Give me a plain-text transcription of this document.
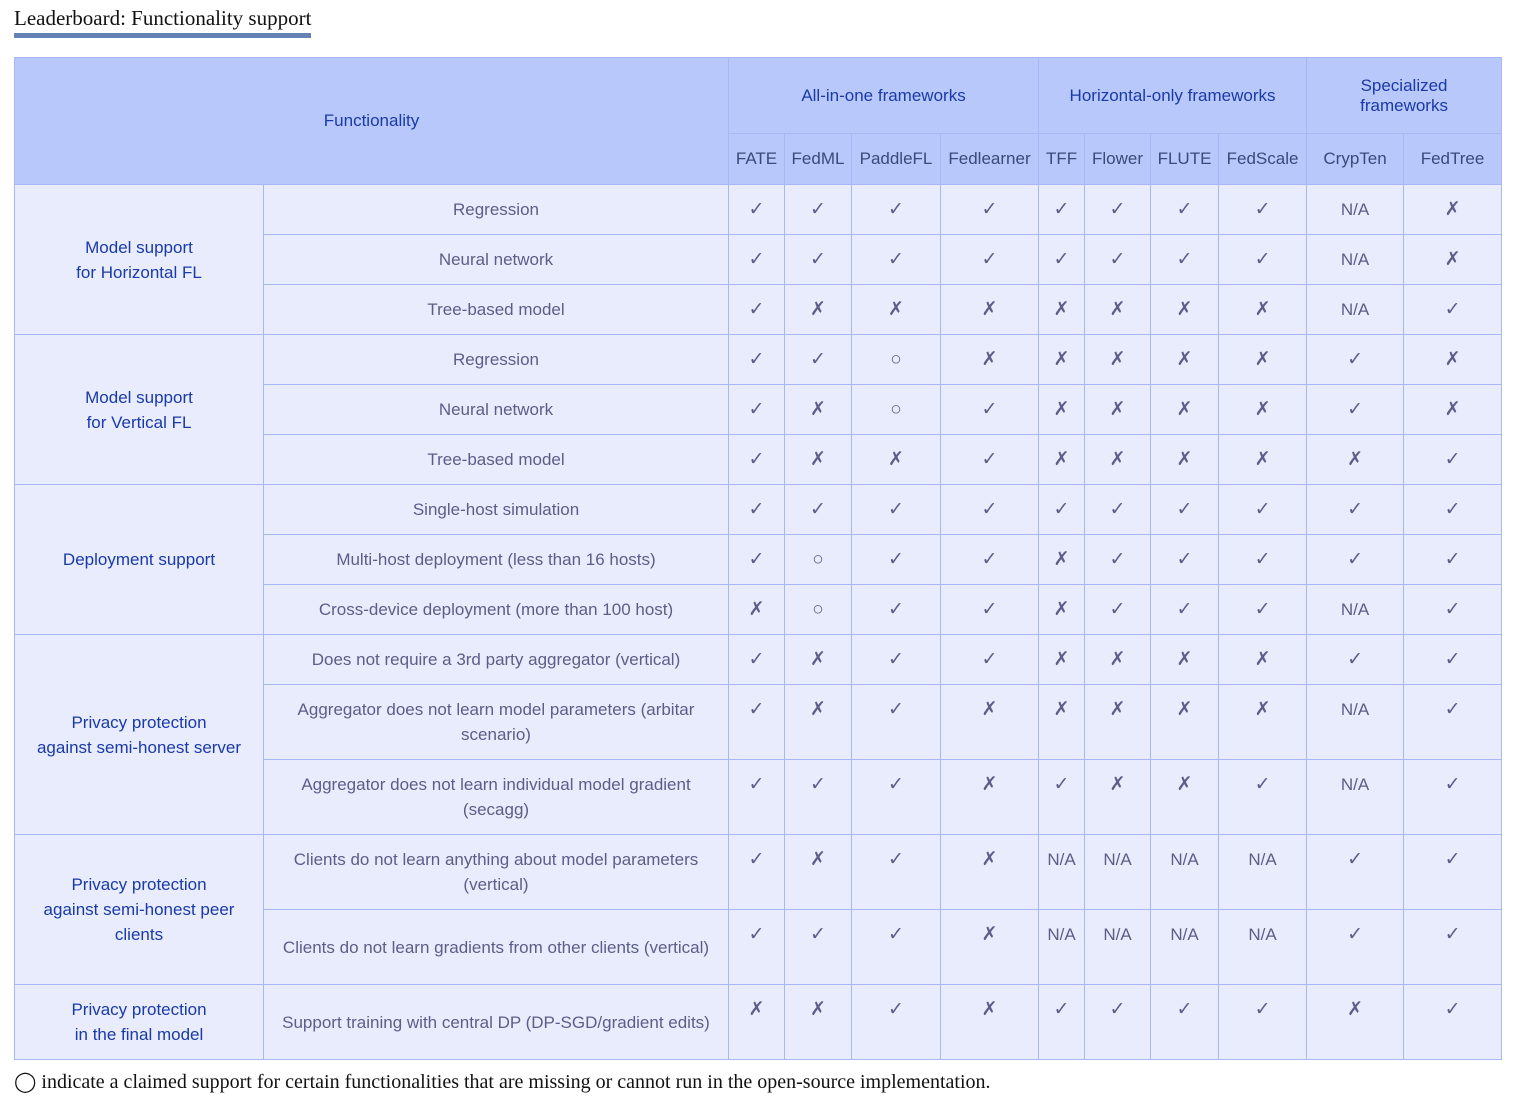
Leaderboard: Functionality support
Functionality		All-in-one frameworks				Horizontal-only frameworks				Specialized frameworks	
		FATE	FedML	PaddleFL	Fedlearner	TFF	Flower	FLUTE	FedScale	CrypTen	FedTree
Model support
for Horizontal FL	Regression	✓	✓	✓	✓	✓	✓	✓	✓	N/A	✗
	Neural network	✓	✓	✓	✓	✓	✓	✓	✓	N/A	✗
	Tree-based model	✓	✗	✗	✗	✗	✗	✗	✗	N/A	✓
Model support
for Vertical FL	Regression	✓	✓	○	✗	✗	✗	✗	✗	✓	✗
	Neural network	✓	✗	○	✓	✗	✗	✗	✗	✓	✗
	Tree-based model	✓	✗	✗	✓	✗	✗	✗	✗	✗	✓
Deployment support	Single-host simulation	✓	✓	✓	✓	✓	✓	✓	✓	✓	✓
	Multi-host deployment (less than 16 hosts)	✓	○	✓	✓	✗	✓	✓	✓	✓	✓
	Cross-device deployment (more than 100 host)	✗	○	✓	✓	✗	✓	✓	✓	N/A	✓
Privacy protection
against semi-honest server	Does not require a 3rd party aggregator (vertical)	✓	✗	✓	✓	✗	✗	✗	✗	✓	✓
	Aggregator does not learn model parameters (arbitar scenario)	✓	✗	✓	✗	✗	✗	✗	✗	N/A	✓
	Aggregator does not learn individual model gradient (secagg)	✓	✓	✓	✗	✓	✗	✗	✓	N/A	✓
Privacy protection
against semi-honest peer
clients	Clients do not learn anything about model parameters (vertical)	✓	✗	✓	✗	N/A	N/A	N/A	N/A	✓	✓
	Clients do not learn gradients from other clients (vertical)	✓	✓	✓	✗	N/A	N/A	N/A	N/A	✓	✓
Privacy protection
in the final model	Support training with central DP (DP-SGD/gradient edits)	✗	✗	✓	✗	✓	✓	✓	✓	✗	✓
◯ indicate a claimed support for certain functionalities that are missing or cannot run in the open-source implementation.
